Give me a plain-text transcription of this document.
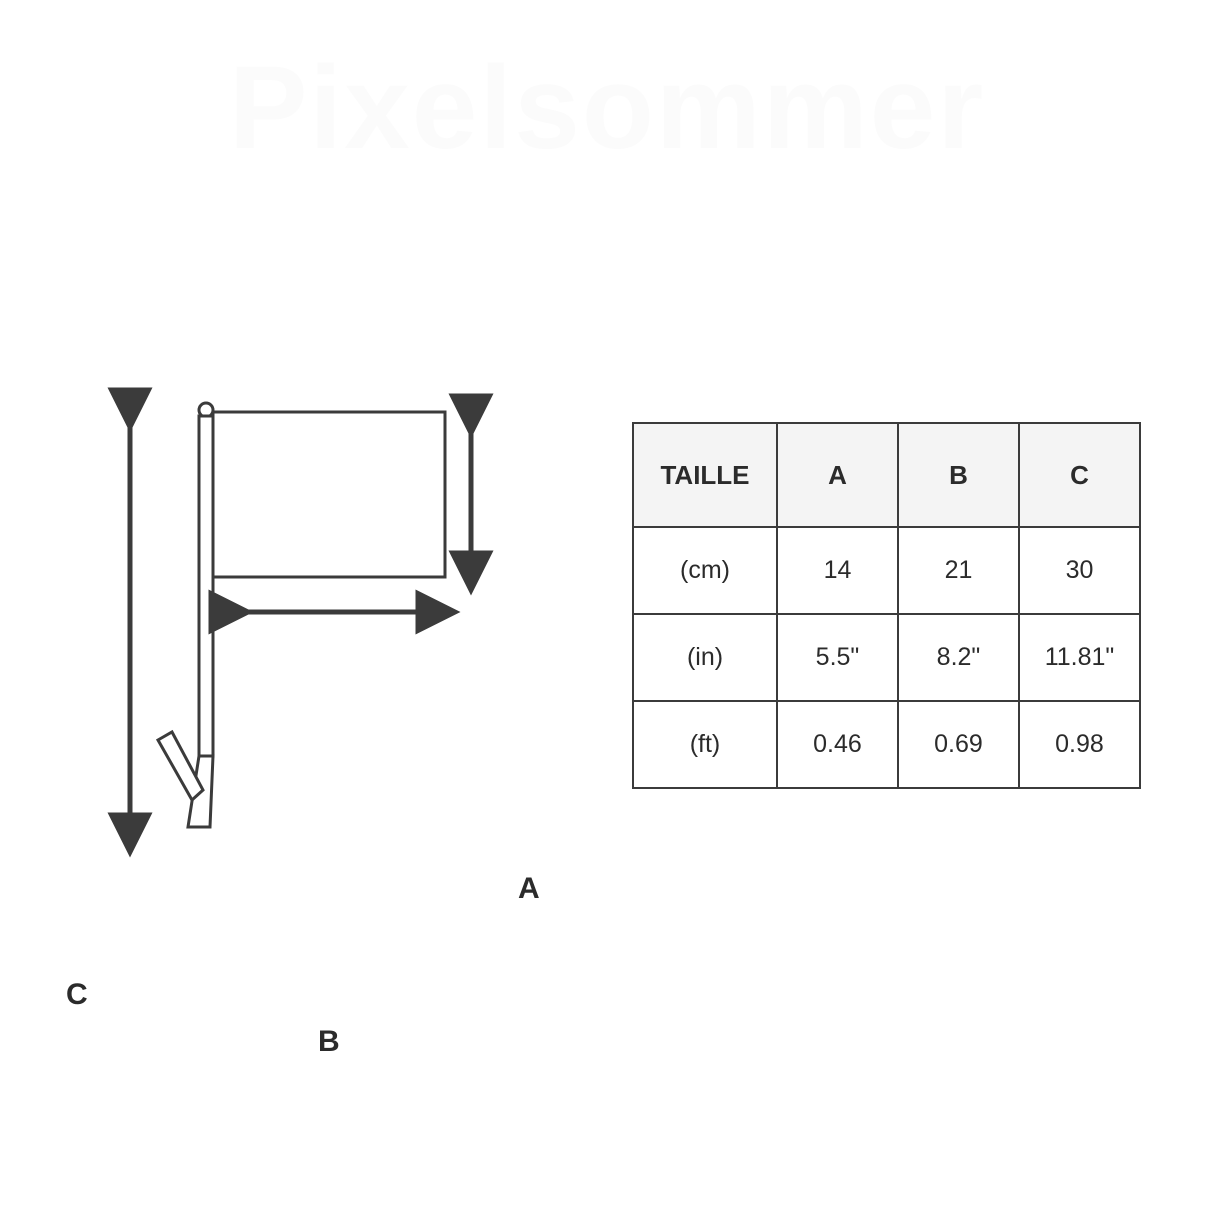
Pixelsommer
A
B
C
TAILLE	A	B	C
(cm)	14	21	30
(in)	5.5"	8.2"	11.81"
(ft)	0.46	0.69	0.98
